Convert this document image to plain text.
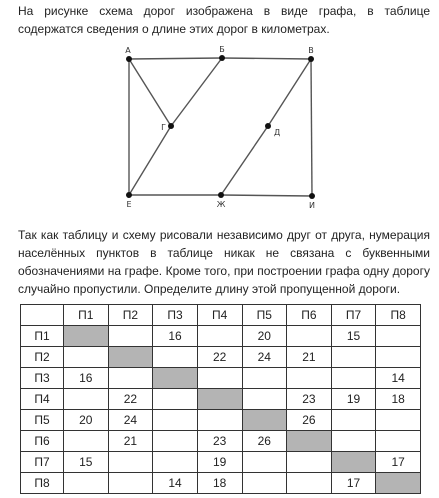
На рисунке схема дорог изображена в виде графа, в таблице содержатся сведения о длине этих дорог в километрах.

А	Б	В
Г
Д
Е	Ж	И

Так как таблицу и схему рисовали независимо друг от друга, нумерация населённых пунктов в таблице никак не связана с буквенными обозначениями на графе. Кроме того, при построении графа одну дорогу случайно пропустили. Определите длину этой пропущенной дороги.

	П1	П2	П3	П4	П5	П6	П7	П8
П1			16		20		15	
П2				22	24	21		
П3	16							14
П4		22				23	19	18
П5	20	24				26		
П6		21		23	26			
П7	15			19				17
П8			14	18			17	
